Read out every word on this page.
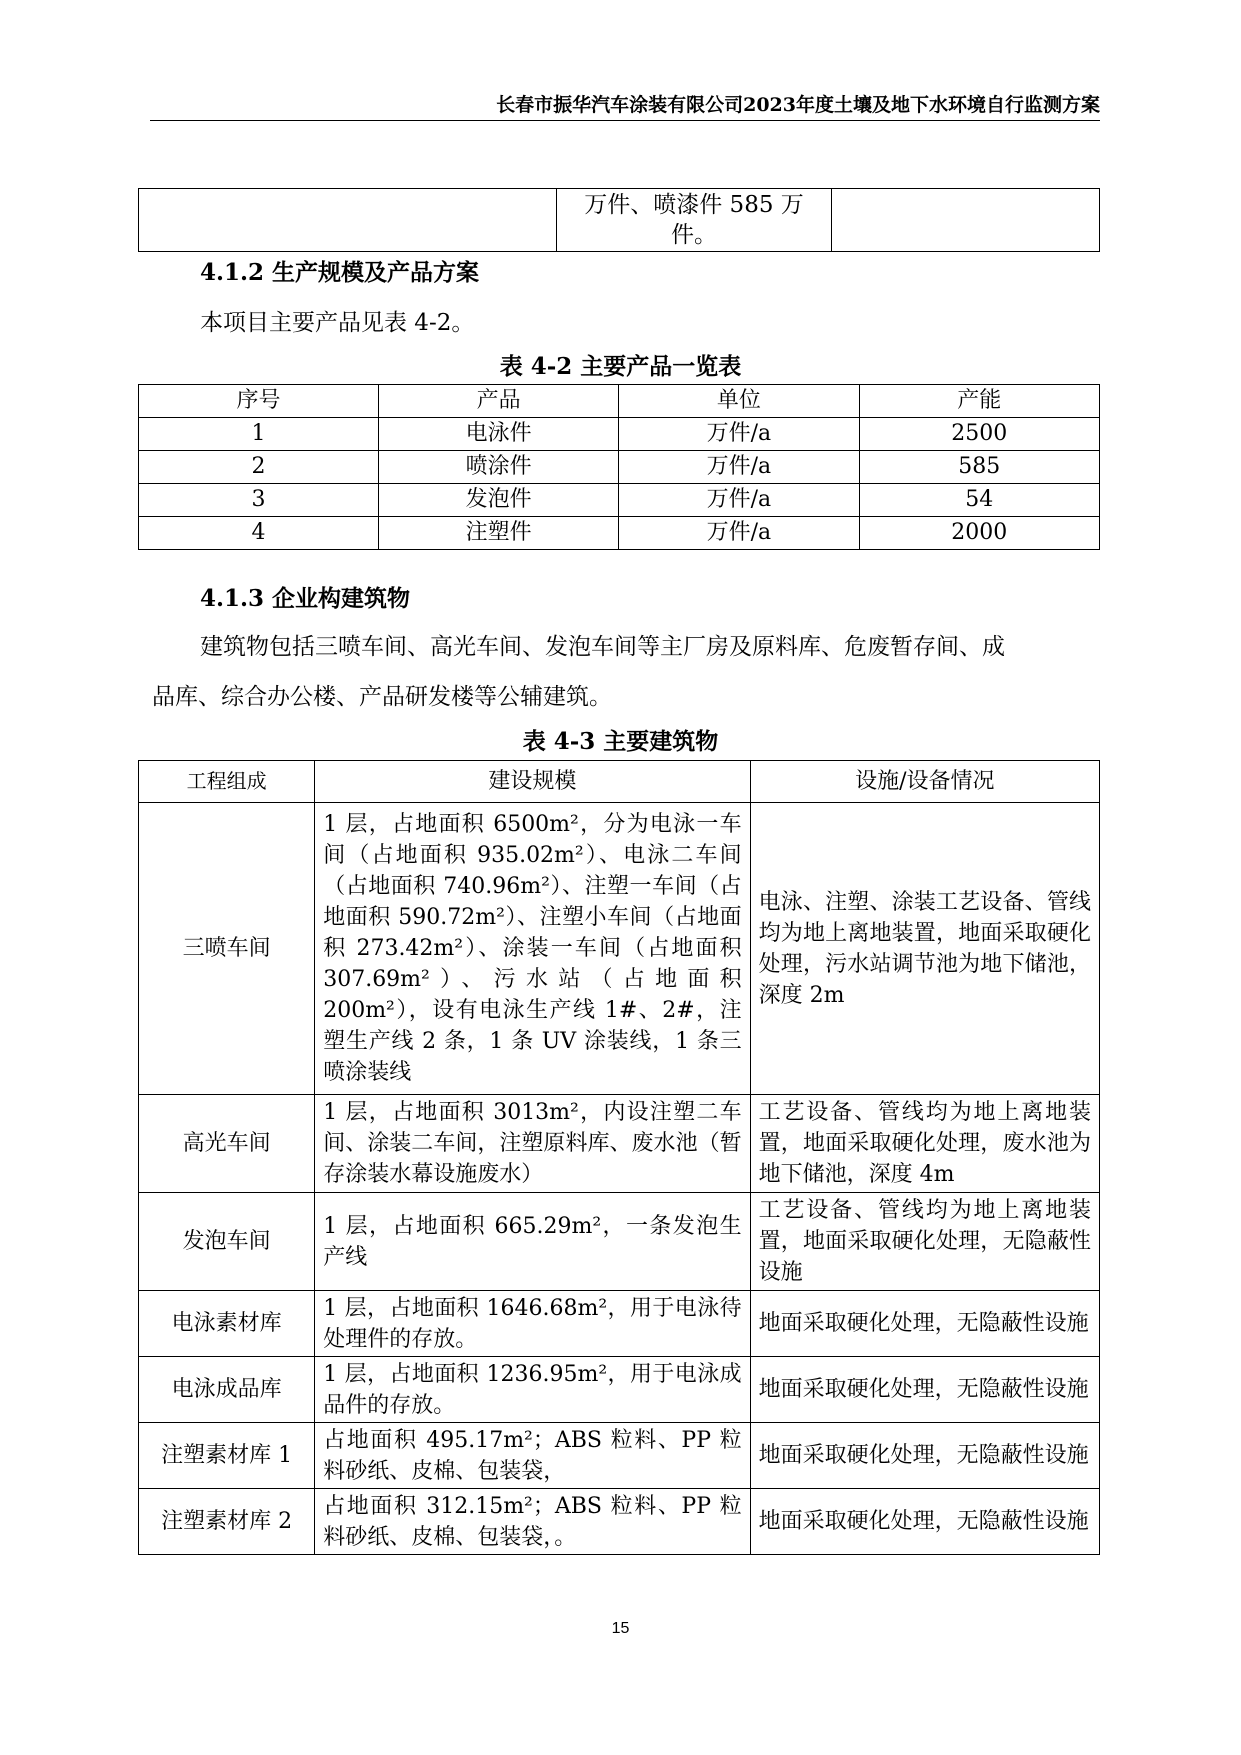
长春市振华汽车涂装有限公司2023年度土壤及地下水环境自行监测方案
	万件、喷漆件 585 万件。	
4.1.2 生产规模及产品方案
本项目主要产品见表 4-2。
表 4-2 主要产品一览表
序号	产品	单位	产能
1	电泳件	万件/a	2500
2	喷涂件	万件/a	585
3	发泡件	万件/a	54
4	注塑件	万件/a	2000
4.1.3 企业构建筑物
建筑物包括三喷车间、高光车间、发泡车间等主厂房及原料库、危废暂存间、成
品库、综合办公楼、产品研发楼等公辅建筑。
表 4-3 主要建筑物
工程组成	建设规模	设施/设备情况
三喷车间	1 层，占地面积 6500m²，分为电泳一车间（占地面积 935.02m²）、电泳二车间（占地面积 740.96m²）、注塑一车间（占地面积 590.72m²）、注塑小车间（占地面积 273.42m²）、涂装一车间（占地面积 307.69m²）、污水站（占地面积 200m²），设有电泳生产线 1#、2#，注塑生产线 2 条，1 条 UV 涂装线，1 条三喷涂装线	电泳、注塑、涂装工艺设备、管线均为地上离地装置，地面采取硬化处理，污水站调节池为地下储池，深度 2m
高光车间	1 层，占地面积 3013m²，内设注塑二车间、涂装二车间，注塑原料库、废水池（暂存涂装水幕设施废水）	工艺设备、管线均为地上离地装置，地面采取硬化处理，废水池为地下储池，深度 4m
发泡车间	1 层，占地面积 665.29m²，一条发泡生产线	工艺设备、管线均为地上离地装置，地面采取硬化处理，无隐蔽性设施
电泳素材库	1 层，占地面积 1646.68m²，用于电泳待处理件的存放。	地面采取硬化处理，无隐蔽性设施
电泳成品库	1 层，占地面积 1236.95m²，用于电泳成品件的存放。	地面采取硬化处理，无隐蔽性设施
注塑素材库 1	占地面积 495.17m²；ABS 粒料、PP 粒料砂纸、皮棉、包装袋，	地面采取硬化处理，无隐蔽性设施
注塑素材库 2	占地面积 312.15m²；ABS 粒料、PP 粒料砂纸、皮棉、包装袋，。	地面采取硬化处理，无隐蔽性设施
15
